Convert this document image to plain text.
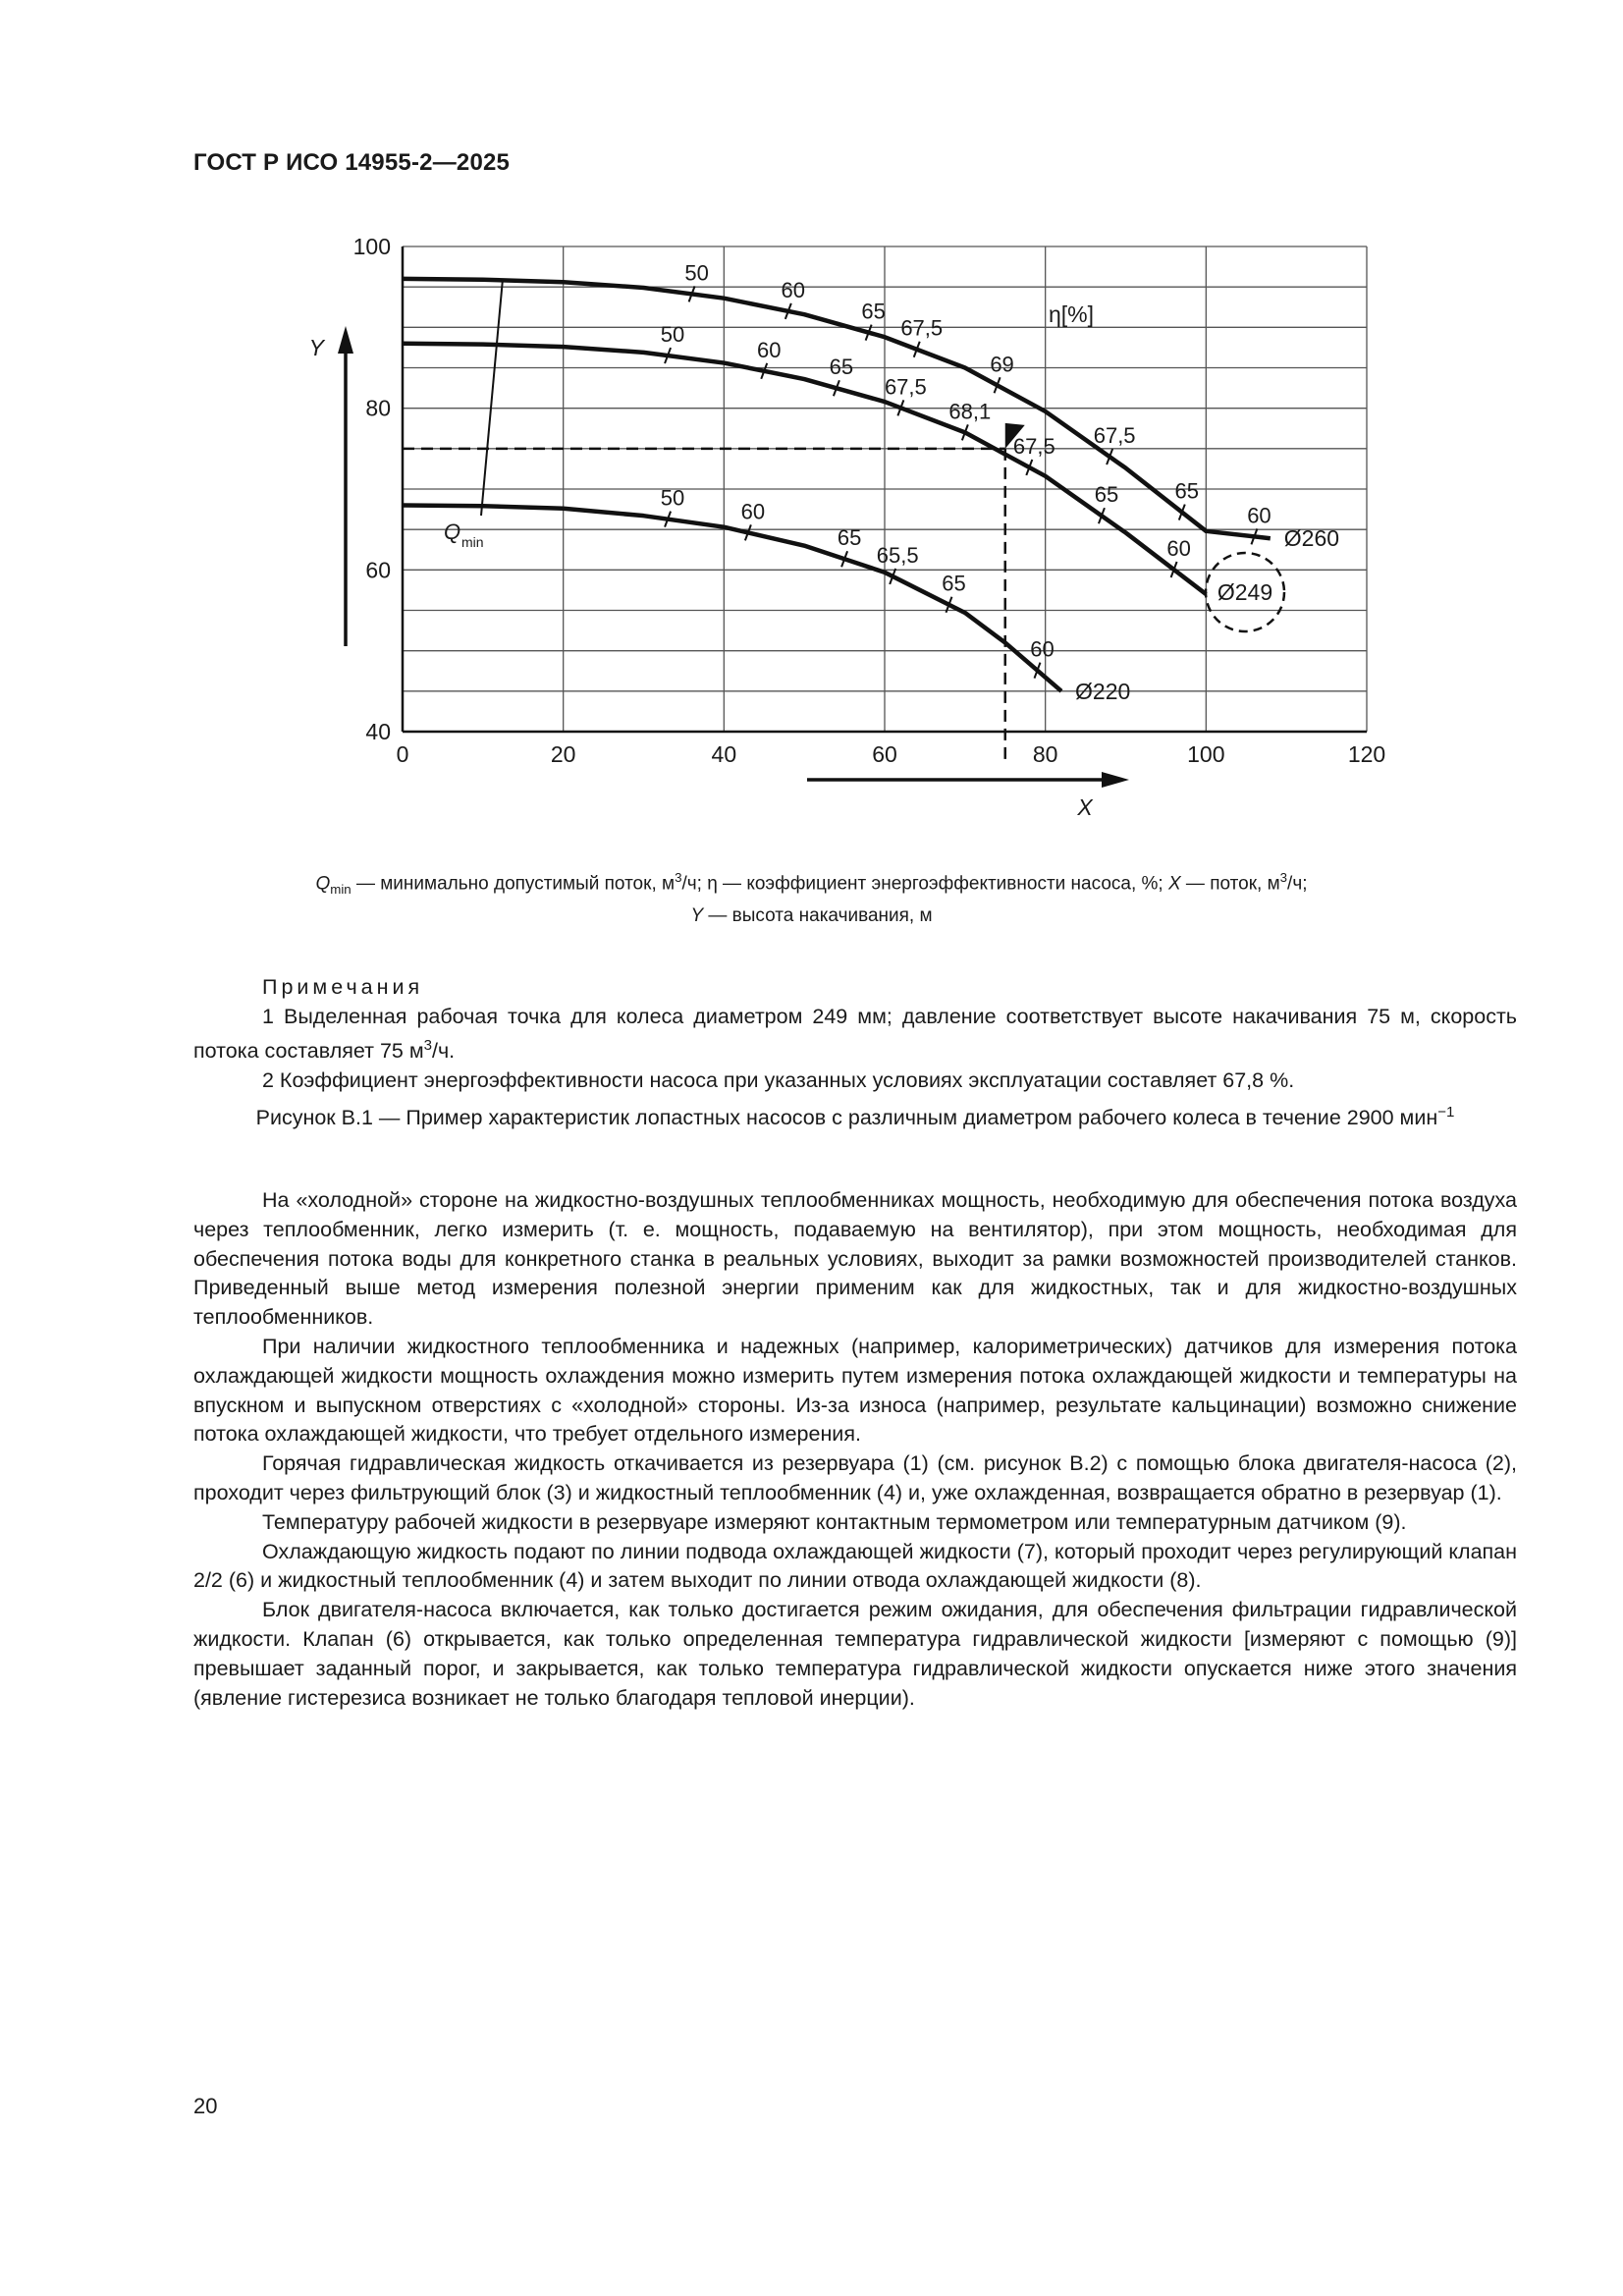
ГОСТ Р ИСО 14955-2—2025
0	20	40	60	80	100	120
40
60
80
100
Y
X
50
60
65
67,5
69
67,5
65
60
Ø260
50
60
65
67,5
68,1
67,5
65
60
Ø249
50
60
65
65,5
65
60
Ø220
η[%]
Q min
$Q_{min}$ — минимально допустимый поток, $м^3/ч$; η — коэффициент энергоэффективности насоса, %; X — поток, $м^3/ч$;
Y — высота накачивания, м

Примечания

1 Выделенная рабочая точка для колеса диаметром 249 мм; давление соответствует высоте накачивания 75 м, скорость потока составляет 75 $м^3/ч$.

2 Коэффициент энергоэффективности насоса при указанных условиях эксплуатации составляет 67,8 %.

Рисунок В.1 — Пример характеристик лопастных насосов с различным диаметром рабочего колеса в течение 2900 мин$^{-1}$

На «холодной» стороне на жидкостно-воздушных теплообменниках мощность, необходимую для обеспечения потока воздуха через теплообменник, легко измерить (т. е. мощность, подаваемую на вентилятор), при этом мощность, необходимая для обеспечения потока воды для конкретного станка в реальных условиях, выходит за рамки возможностей производителей станков. Приведенный выше метод измерения полезной энергии применим как для жидкостных, так и для жидкостно-воздушных теплообменников.

При наличии жидкостного теплообменника и надежных (например, калориметрических) датчиков для измерения потока охлаждающей жидкости мощность охлаждения можно измерить путем измерения потока охлаждающей жидкости и температуры на впускном и выпускном отверстиях с «холодной» стороны. Из-за износа (например, результате кальцинации) возможно снижение потока охлаждающей жидкости, что требует отдельного измерения.

Горячая гидравлическая жидкость откачивается из резервуара (1) (см. рисунок В.2) с помощью блока двигателя-насоса (2), проходит через фильтрующий блок (3) и жидкостный теплообменник (4) и, уже охлажденная, возвращается обратно в резервуар (1).

Температуру рабочей жидкости в резервуаре измеряют контактным термометром или температурным датчиком (9).

Охлаждающую жидкость подают по линии подвода охлаждающей жидкости (7), который проходит через регулирующий клапан 2/2 (6) и жидкостный теплообменник (4) и затем выходит по линии отвода охлаждающей жидкости (8).

Блок двигателя-насоса включается, как только достигается режим ожидания, для обеспечения фильтрации гидравлической жидкости. Клапан (6) открывается, как только определенная температура гидравлической жидкости [измеряют с помощью (9)] превышает заданный порог, и закрывается, как только температура гидравлической жидкости опускается ниже этого значения (явление гистерезиса возникает не только благодаря тепловой инерции).

20
